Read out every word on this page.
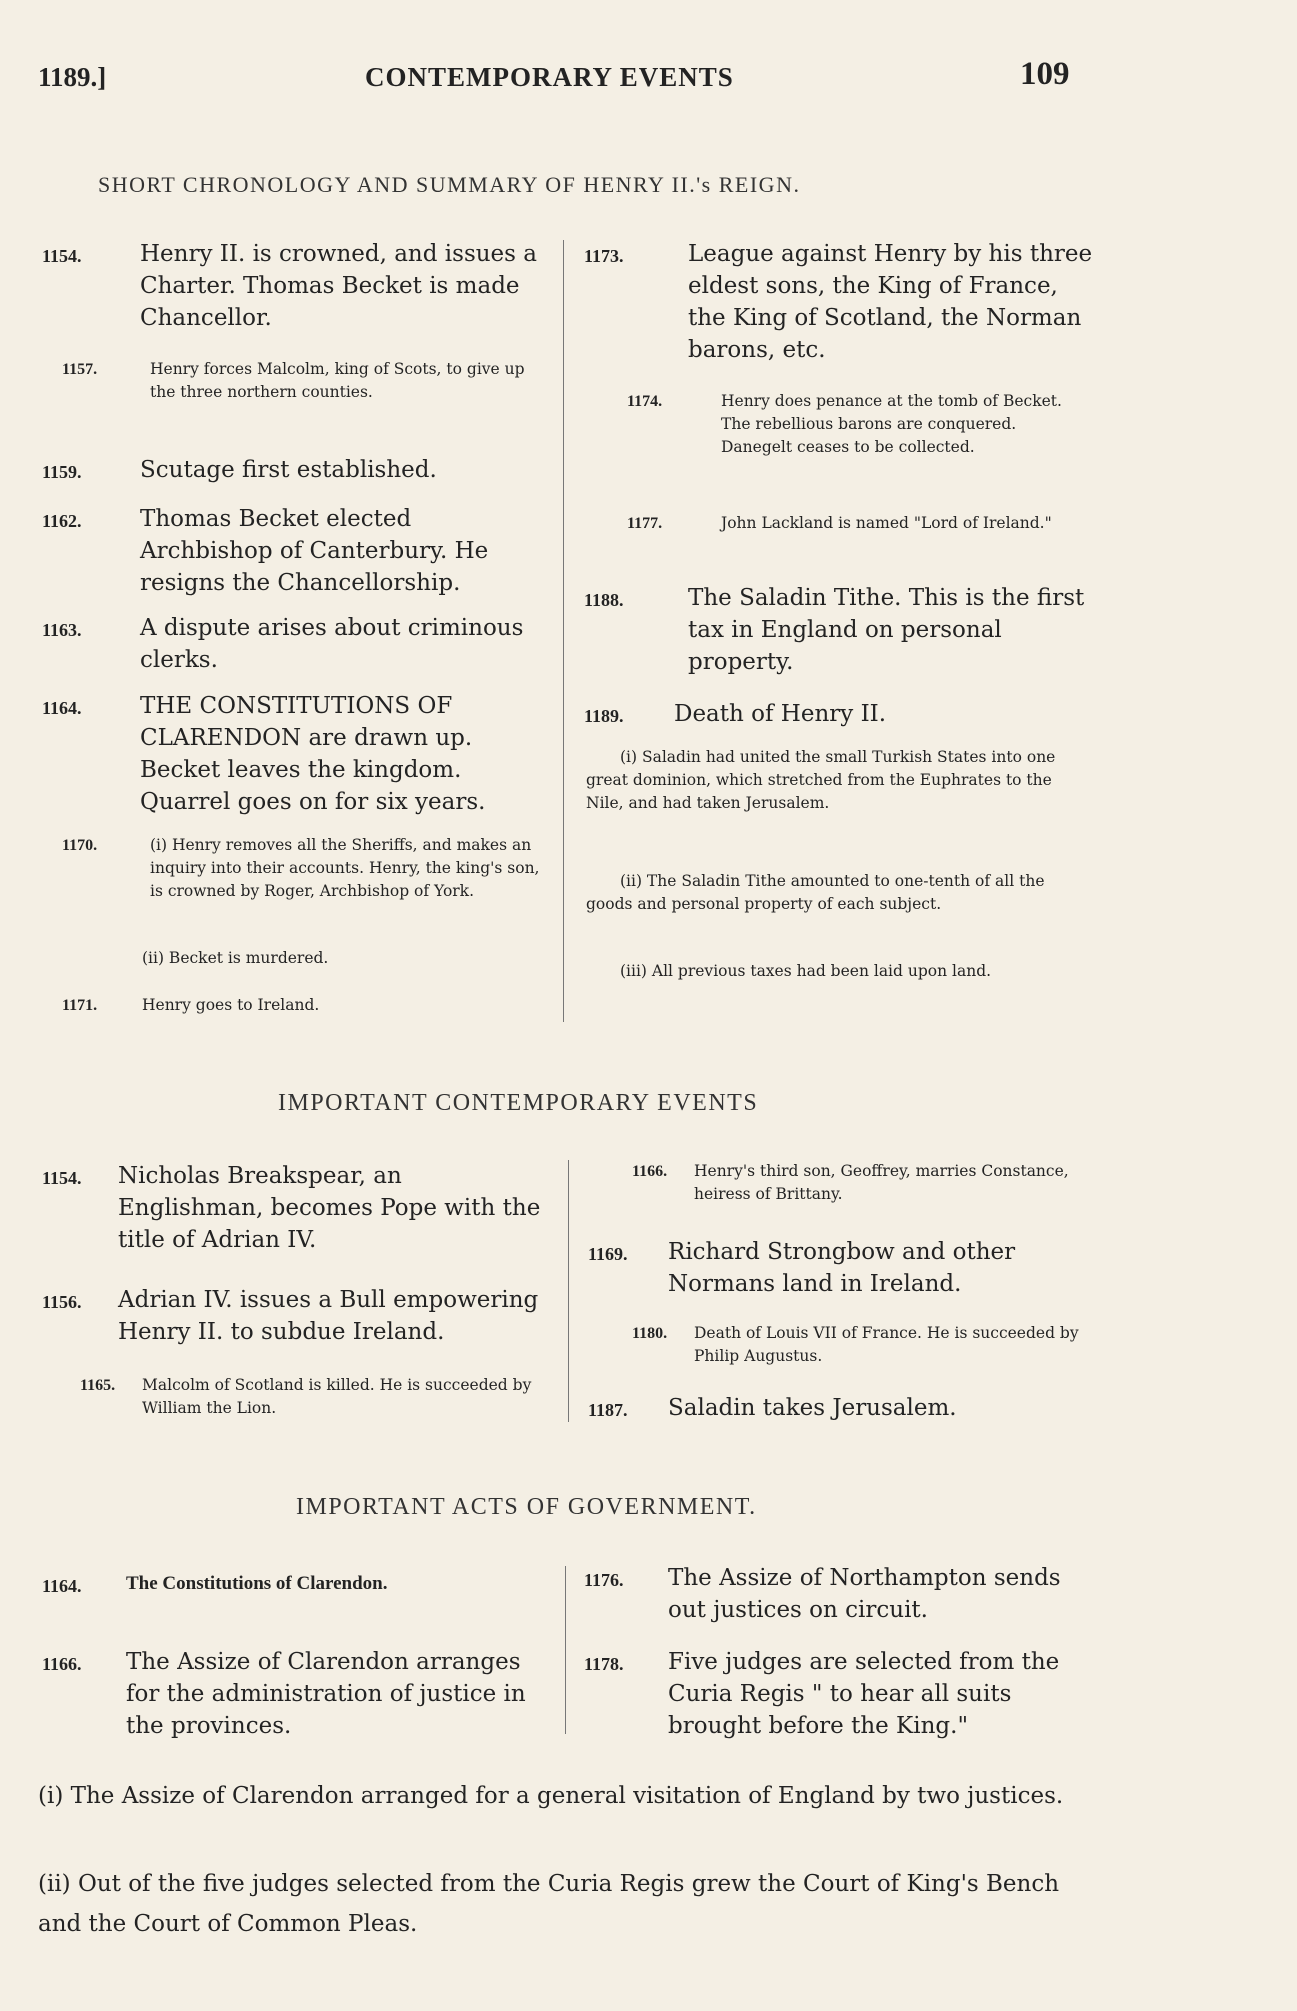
1189.]	CONTEMPORARY EVENTS	109
SHORT CHRONOLOGY AND SUMMARY OF HENRY II.'s REIGN.
1154.	Henry II. is crowned, and issues a Charter. Thomas Becket is made Chancellor.
1157.	Henry forces Malcolm, king of Scots, to give up the three northern counties.
1159.	Scutage first established.
1162.	Thomas Becket elected Archbishop of Canterbury. He resigns the Chancellorship.
1163.	A dispute arises about criminous clerks.
1164.	THE CONSTITUTIONS OF CLARENDON are drawn up. Becket leaves the kingdom. Quarrel goes on for six years.
1170.	(i) Henry removes all the Sheriffs, and makes an inquiry into their accounts. Henry, the king's son, is crowned by Roger, Archbishop of York.
(ii) Becket is murdered.
1171.	Henry goes to Ireland.
1173.	League against Henry by his three eldest sons, the King of France, the King of Scotland, the Norman barons, etc.
1174.	Henry does penance at the tomb of Becket. The rebellious barons are conquered. Danegelt ceases to be collected.
1177.	John Lackland is named "Lord of Ireland."
1188.	The Saladin Tithe. This is the first tax in England on personal property.
1189. Death of Henry II.
(i) Saladin had united the small Turkish States into one great dominion, which stretched from the Euphrates to the Nile, and had taken Jerusalem.
(ii) The Saladin Tithe amounted to one-tenth of all the goods and personal property of each subject.
(iii) All previous taxes had been laid upon land.
IMPORTANT CONTEMPORARY EVENTS
1154. Nicholas Breakspear, an Englishman, becomes Pope with the title of Adrian IV.
1156. Adrian IV. issues a Bull empowering Henry II. to subdue Ireland.
1165. Malcolm of Scotland is killed. He is succeeded by William the Lion.
1166. Henry's third son, Geoffrey, marries Constance, heiress of Brittany.
1169. Richard Strongbow and other Normans land in Ireland.
1180. Death of Louis VII of France. He is succeeded by Philip Augustus.
1187. Saladin takes Jerusalem.
IMPORTANT ACTS OF GOVERNMENT.
1164. The Constitutions of Clarendon.
1166. The Assize of Clarendon arranges for the administration of justice in the provinces.
1176. The Assize of Northampton sends out justices on circuit.
1178. Five judges are selected from the Curia Regis " to hear all suits brought before the King."
(i) The Assize of Clarendon arranged for a general visitation of England by two justices.
(ii) Out of the five judges selected from the Curia Regis grew the Court of King's Bench and the Court of Common Pleas.
